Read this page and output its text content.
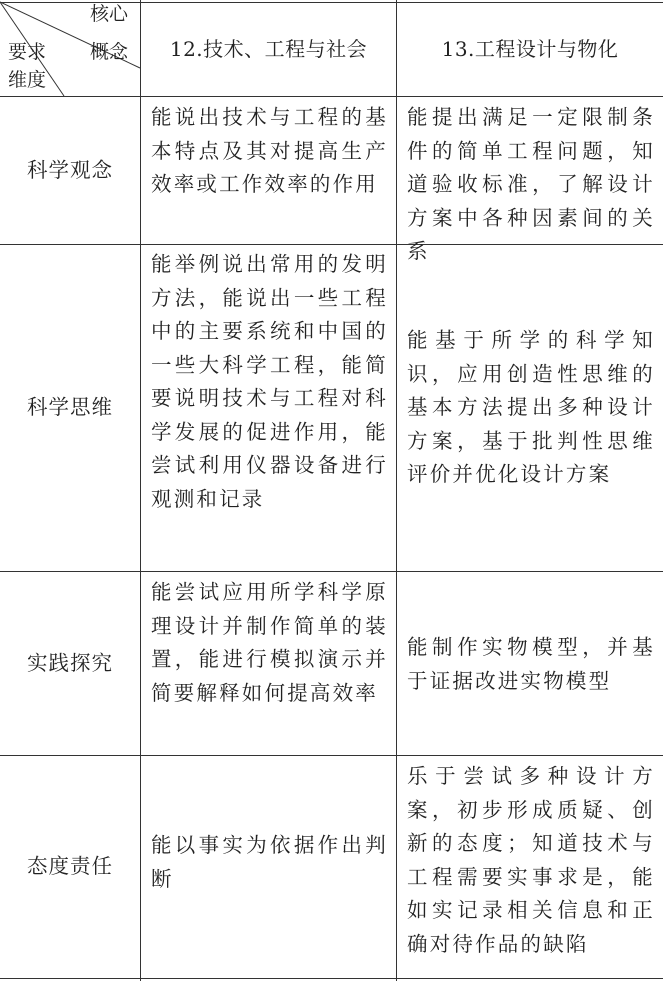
核心
概念
要求
维度
12.技术、工程与社会	13.工程设计与物化
科学观念
能说出技术与工程的基本特点及其对提高生产效率或工作效率的作用
能提出满足一定限制条件的简单工程问题，知道验收标准，了解设计方案中各种因素间的关系
科学思维
能举例说出常用的发明方法，能说出一些工程中的主要系统和中国的一些大科学工程，能简要说明技术与工程对科学发展的促进作用，能尝试利用仪器设备进行观测和记录
能基于所学的科学知识，应用创造性思维的基本方法提出多种设计方案，基于批判性思维评价并优化设计方案
实践探究
能尝试应用所学科学原理设计并制作简单的装置，能进行模拟演示并简要解释如何提高效率
能制作实物模型，并基于证据改进实物模型
态度责任
能以事实为依据作出判断
乐于尝试多种设计方案，初步形成质疑、创新的态度；知道技术与工程需要实事求是，能如实记录相关信息和正确对待作品的缺陷
